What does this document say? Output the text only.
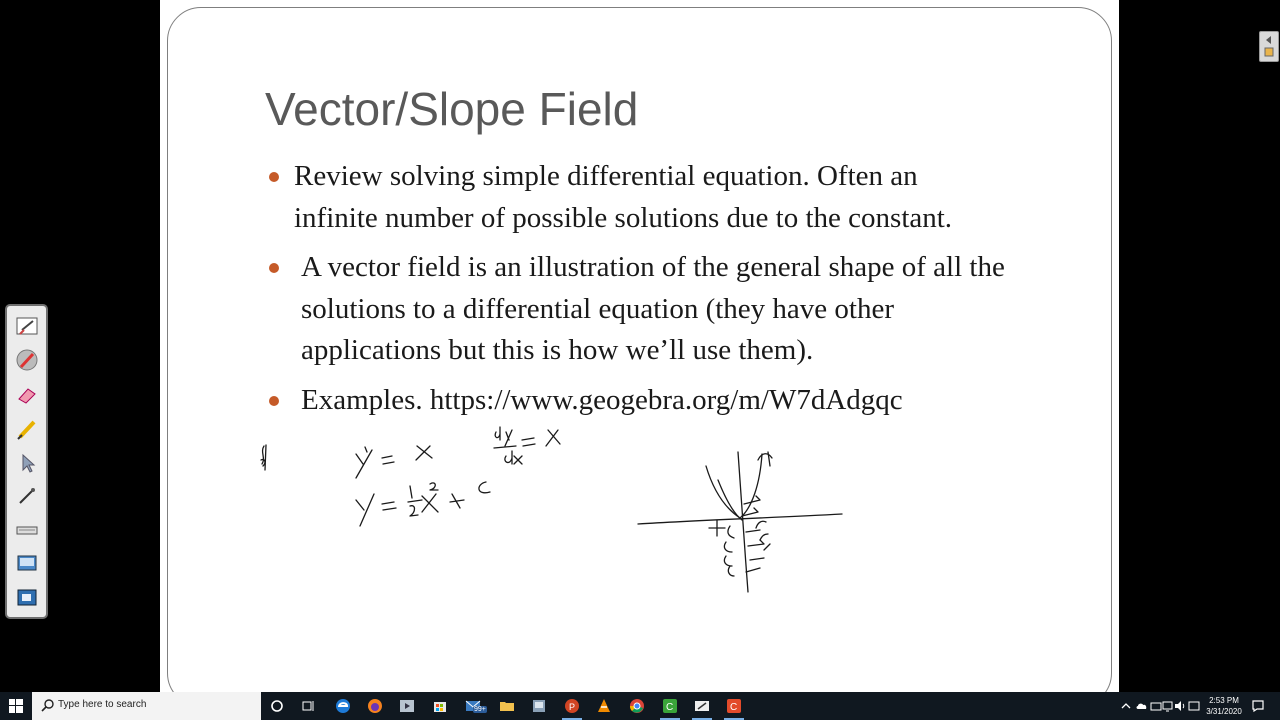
Vector/Slope Field
Review solving simple differential equation. Often an
infinite number of possible solutions due to the constant.
A vector field is an illustration of the general shape of all the
solutions to a differential equation (they have other
applications but this is how we’ll use them).
Examples. https://www.geogebra.org/m/W7dAdgqc
Type here to search	99+	P	C	C
2:53 PM
3/31/2020
